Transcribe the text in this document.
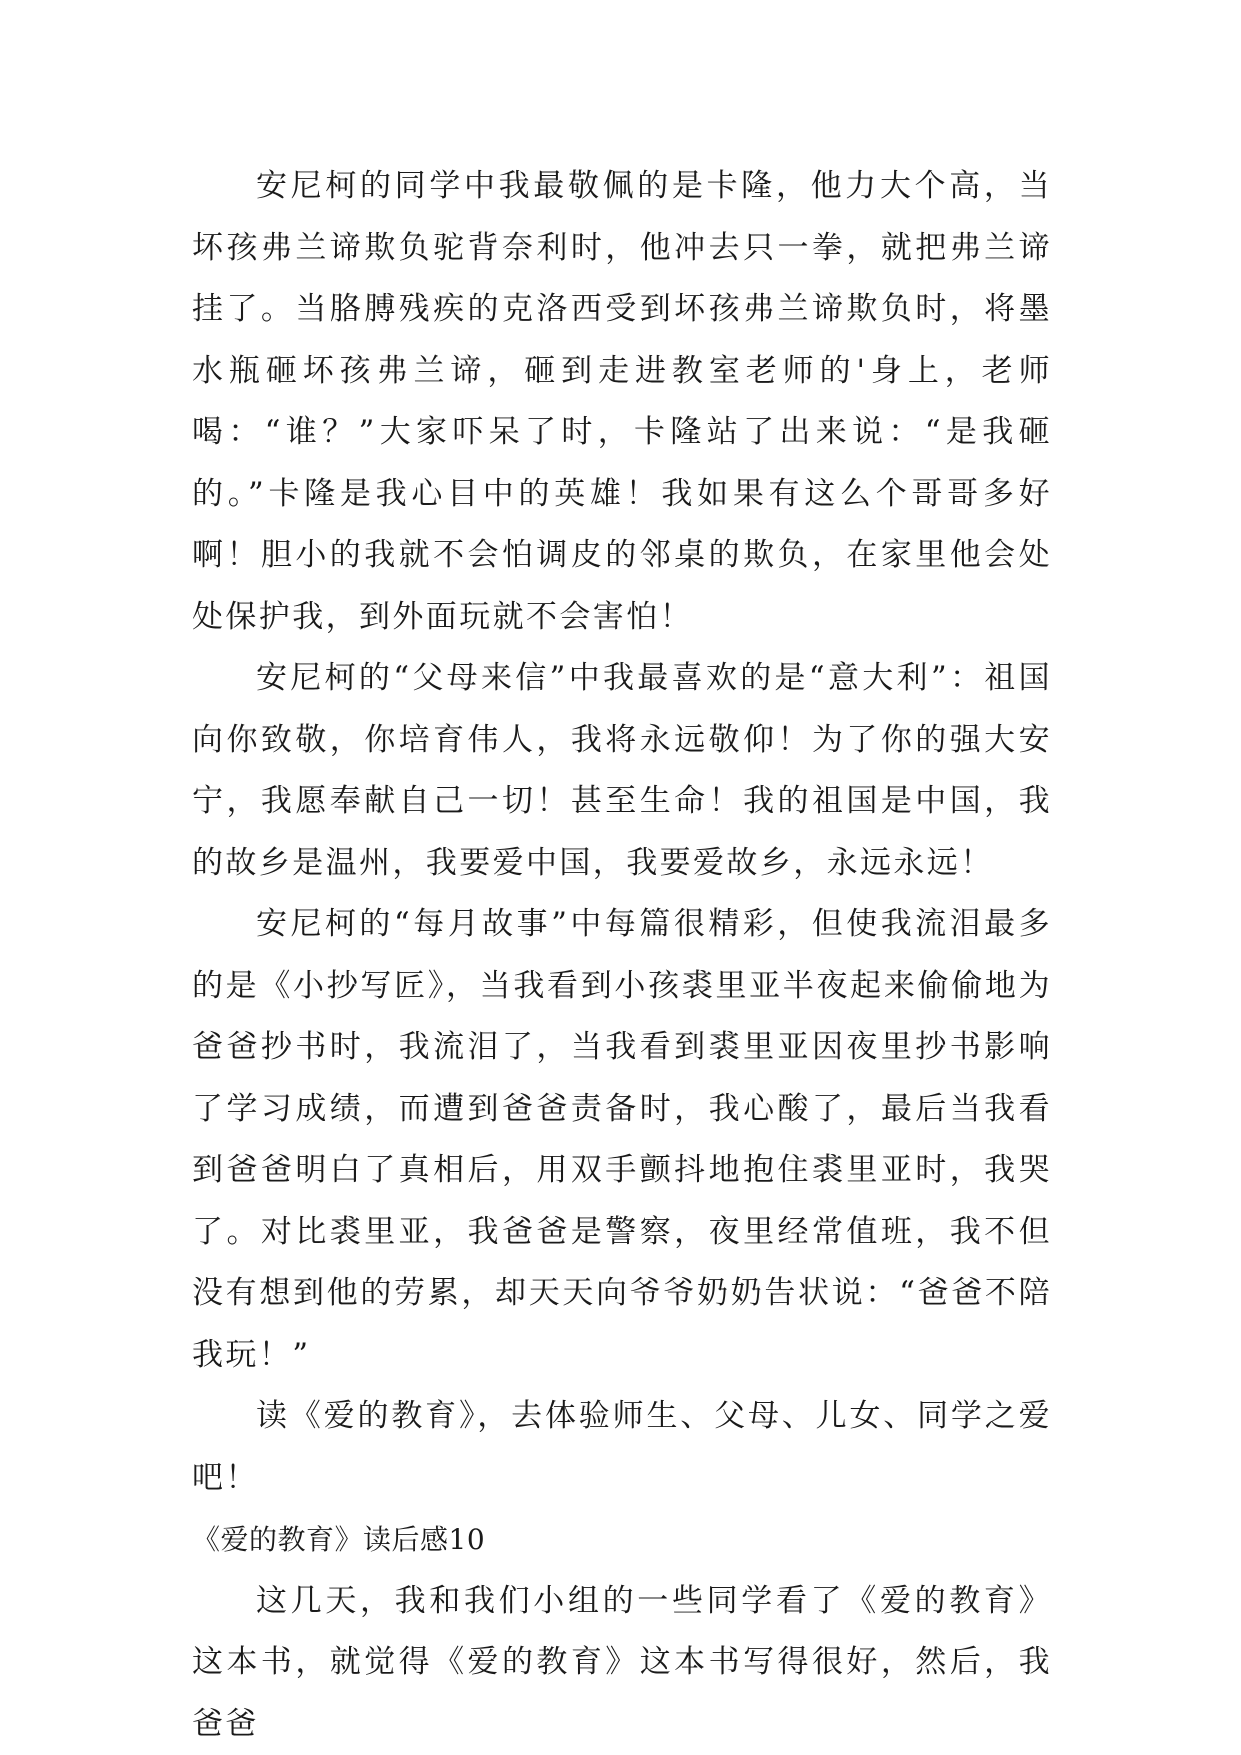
安尼柯的同学中我最敬佩的是卡隆，他力大个高，当坏孩弗兰谛欺负驼背奈利时，他冲去只一拳，就把弗兰谛挂了。当胳膊残疾的克洛西受到坏孩弗兰谛欺负时，将墨水瓶砸坏孩弗兰谛，砸到走进教室老师的'身上，老师喝：“谁？”大家吓呆了时，卡隆站了出来说：“是我砸的。”卡隆是我心目中的英雄！我如果有这么个哥哥多好啊！胆小的我就不会怕调皮的邻桌的欺负，在家里他会处处保护我，到外面玩就不会害怕！

安尼柯的“父母来信”中我最喜欢的是“意大利”：祖国向你致敬，你培育伟人，我将永远敬仰！为了你的强大安宁，我愿奉献自己一切！甚至生命！我的祖国是中国，我的故乡是温州，我要爱中国，我要爱故乡，永远永远！

安尼柯的“每月故事”中每篇很精彩，但使我流泪最多的是《小抄写匠》，当我看到小孩裘里亚半夜起来偷偷地为爸爸抄书时，我流泪了，当我看到裘里亚因夜里抄书影响了学习成绩，而遭到爸爸责备时，我心酸了，最后当我看到爸爸明白了真相后，用双手颤抖地抱住裘里亚时，我哭了。对比裘里亚，我爸爸是警察，夜里经常值班，我不但没有想到他的劳累，却天天向爷爷奶奶告状说：“爸爸不陪我玩！”

读《爱的教育》，去体验师生、父母、儿女、同学之爱吧！

《爱的教育》读后感10

这几天，我和我们小组的一些同学看了《爱的教育》这本书，就觉得《爱的教育》这本书写得很好，然后，我爸爸
